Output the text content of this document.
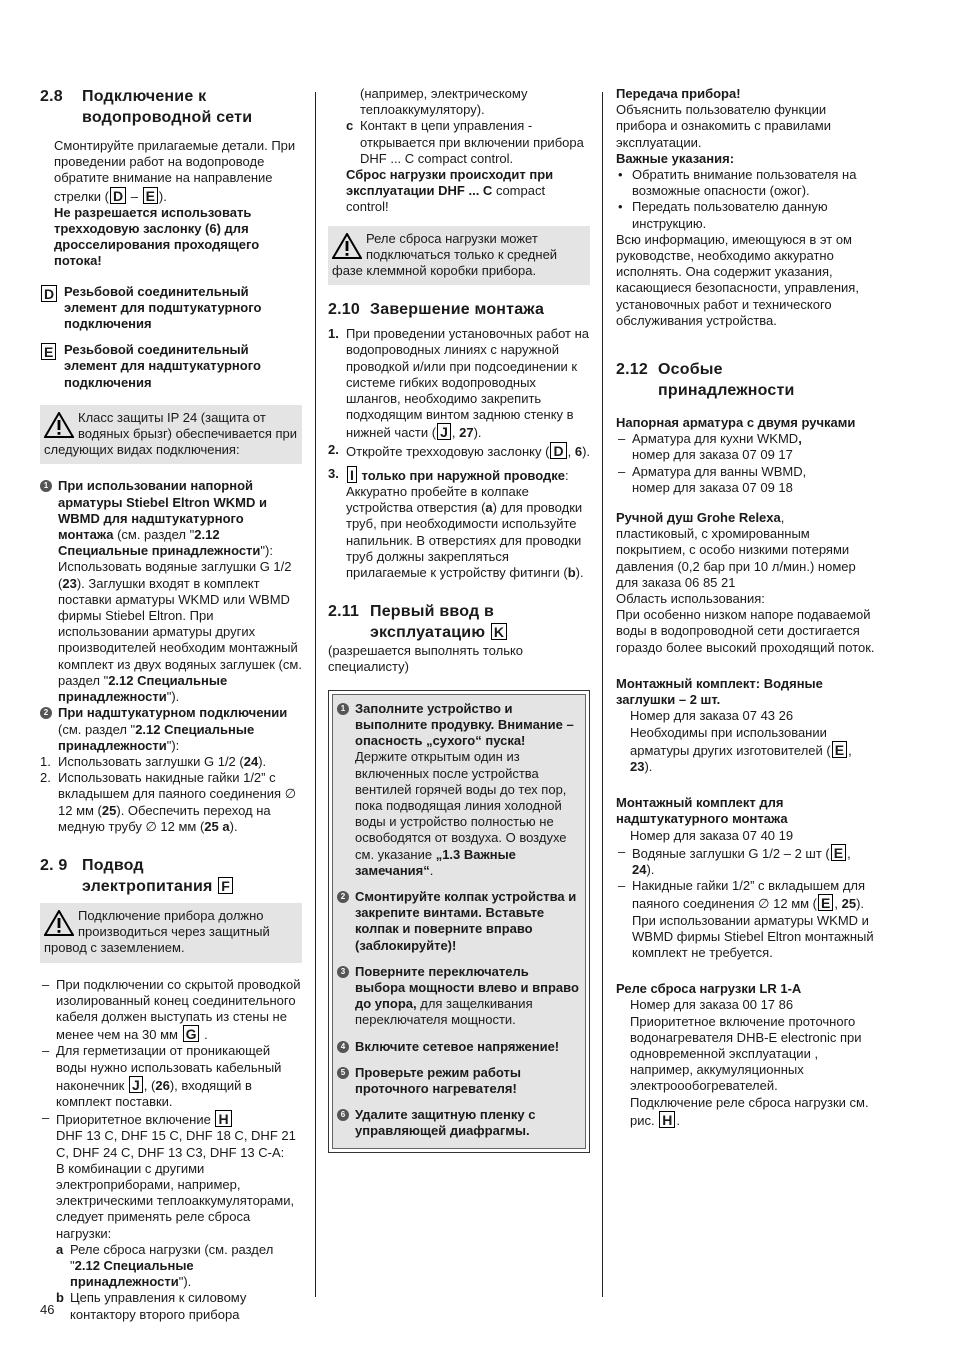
2.8 Подключение к
водопроводной сети

Смонтируйте прилагаемые детали. При проведении работ на водопроводе обратите внимание на направление стрелки ( D – E ).

Не разрешается использовать трехходовую заслонку (6) для дросселирования проходящего потока!

D Резьбовой соединительный элемент для подштукатурного подключения

E Резьбовой соединительный элемент для надштукатурного подключения

Класс защиты IP 24 (защита от водяных брызг) обеспечивается при следующих видах подключения:
1 При использовании напорной арматуры Stiebel Eltron WKMD и WBMD для надштукатурного монтажа (см. раздел "2.12 Специальные принадлежности"): Использовать водяные заглушки G 1/2 (23). Заглушки входят в комплект поставки арматуры WKMD или WBMD фирмы Stiebel Eltron. При использовании арматуры других производителей необходим монтажный комплект из двух водяных заглушек (см. раздел "2.12 Специальные принадлежности").
2 При надштукатурном подключении (см. раздел "2.12 Специальные принадлежности"):
1. Использовать заглушки G 1/2 (24).
2. Использовать накидные гайки 1/2” с вкладышем для паяного соединения ∅ 12 мм (25). Обеспечить переход на медную трубу ∅ 12 мм (25 a).
2. 9 Подвод
электропитания F
Подключение прибора должно производиться через защитный провод с заземлением.
– При подключении со скрытой проводкой изолированный конец соединительного кабеля должен выступать из стены не менее чем на 30 мм G .
– Для герметизации от проникающей воды нужно использовать кабельный наконечник J , (26), входящий в комплект поставки.
– Приоритетное включение H
DHF 13 C, DHF 15 C, DHF 18 C, DHF 21 C, DHF 24 C, DHF 13 C3, DHF 13 C-A:
В комбинации с другими электроприборами, например, электрическими теплоаккумуляторами, следует применять реле сброса нагрузки:
a Реле сброса нагрузки (см. раздел "2.12 Специальные принадлежности").
b Цепь управления к силовому контактору второго прибора
(например, электрическому теплоаккумулятору).
c Контакт в цепи управления - открывается при включении прибора DHF ... C compact control.

Сброс нагрузки происходит при эксплуатации DHF ... C compact control!

Реле сброса нагрузки может подключаться только к средней фазе клеммной коробки прибора.
2.10 Завершение монтажа
1. При проведении установочных работ на водопроводных линиях с наружной проводкой и/или при подсоединении к системе гибких водопроводных шлангов, необходимо закрепить подходящим винтом заднюю стенку в нижней части ( J , 27).
2. Откройте трехходовую заслонку ( D , 6).
3. I только при наружной проводке:
Аккуратно пробейте в колпаке устройства отверстия (a) для проводки труб, при необходимости используйте напильник. В отверстиях для проводки труб должны закрепляться прилагаемые к устройству фитинги (b).
2.11 Первый ввод в
эксплуатацию K

(разрешается выполнять только специалисту)

1 Заполните устройство и выполните продувку. Внимание – опасность „сухого“ пуска!
Держите открытым один из включенных после устройства вентилей горячей воды до тех пор, пока подводящая линия холодной воды и устройство полностью не освободятся от воздуха. О воздухе см. указание „1.3 Важные замечания“.
2 Смонтируйте колпак устройства и закрепите винтами. Вставьте колпак и поверните вправо (заблокируйте)!
3 Поверните переключатель выбора мощности влево и вправо до упора, для защелкивания переключателя мощности.
4 Включите сетевое напряжение!
5 Проверьте режим работы проточного нагревателя!
6 Удалите защитную пленку с управляющей диафрагмы.

Передача прибора!

Объяснить пользователю функции прибора и ознакомить с правилами эксплуатации.

Важные указания:

• Обратить внимание пользователя на возможные опасности (ожог).
• Передать пользователю данную инструкцию.

Всю информацию, имеющуюся в эт ом руководстве, необходимо аккуратно исполнять. Она содержит указания, касающиеся безопасности, управления, установочных работ и технического обслуживания устройства.

2.12 Особые
принадлежности

Напорная арматура с двумя ручками

– Арматура для кухни WKMD,
номер для заказа 07 09 17
– Арматура для ванны WBMD,
номер для заказа 07 09 18

Ручной душ Grohe Relexa,
пластиковый, с хромированным покрытием, с особо низкими потерями давления (0,2 бар при 10 л/мин.) номер для заказа 06 85 21
Область использования:
При особенно низком напоре подаваемой воды в водопроводной сети достигается гораздо более высокий проходящий поток.

Монтажный комплект: Водяные заглушки – 2 шт.

Номер для заказа 07 43 26
Необходимы при использовании арматуры других изготовителей ( E ,
23).

Монтажный комплект для надштукатурного монтажа

Номер для заказа 07 40 19
– Водяные заглушки G 1/2 – 2 шт ( E ,
24).
– Накидные гайки 1/2” с вкладышем для паяного соединения ∅ 12 мм ( E , 25). При использовании арматуры WKMD и WBMD фирмы Stiebel Eltron монтажный комплект не требуется.

Реле сброса нагрузки LR 1-A

Номер для заказа 00 17 86
Приоритетное включение проточного водонагревателя DHB-E electronic при одновременной эксплуатации , например, аккумуляционных электроообогревателей.
Подключение реле сброса нагрузки см. рис. H .
46
